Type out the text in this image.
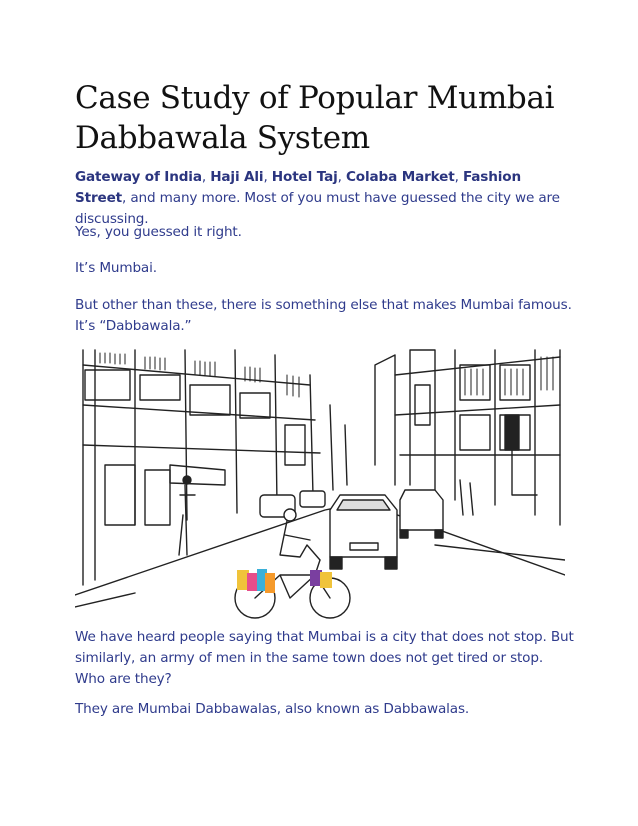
Case Study of Popular Mumbai Dabbawala System

Gateway of India, Haji Ali, Hotel Taj, Colaba Market, Fashion Street, and many more. Most of you must have guessed the city we are discussing.

Yes, you guessed it right.

It’s Mumbai.

But other than these, there is something else that makes Mumbai famous. It’s “Dabbawala.”

We have heard people saying that Mumbai is a city that does not stop. But similarly, an army of men in the same town does not get tired or stop. Who are they?

They are Mumbai Dabbawalas, also known as Dabbawalas.
